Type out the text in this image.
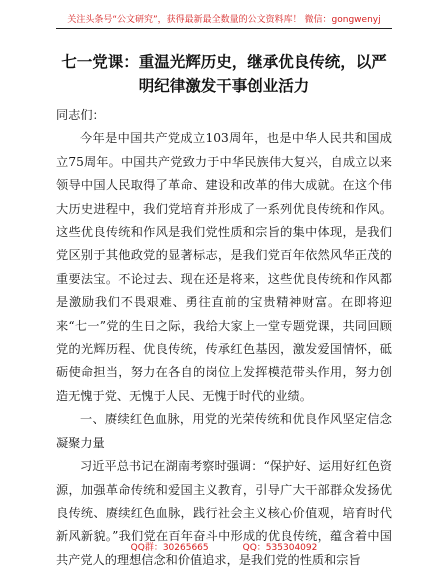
关注头条号“公文研究”，获得最新最全数量的公文资料库！ 微信：gongwenyj
七一党课：重温光辉历史，继承优良传统，以严明纪律激发干事创业活力

同志们：

今年是中国共产党成立103周年，也是中华人民共和国成立75周年。中国共产党致力于中华民族伟大复兴，自成立以来领导中国人民取得了革命、建设和改革的伟大成就。在这个伟大历史进程中，我们党培育并形成了一系列优良传统和作风。这些优良传统和作风是我们党性质和宗旨的集中体现，是我们党区别于其他政党的显著标志，是我们党百年依然风华正茂的重要法宝。不论过去、现在还是将来，这些优良传统和作风都是激励我们不畏艰难、勇往直前的宝贵精神财富。在即将迎来“七一”党的生日之际，我给大家上一堂专题党课，共同回顾党的光辉历程、优良传统，传承红色基因，激发爱国情怀，砥砺使命担当，努力在各自的岗位上发挥模范带头作用，努力创造无愧于党、无愧于人民、无愧于时代的业绩。

一、赓续红色血脉，用党的光荣传统和优良作风坚定信念凝聚力量

习近平总书记在湖南考察时强调：“保护好、运用好红色资源，加强革命传统和爱国主义教育，引导广大干部群众发扬优良传统、赓续红色血脉，践行社会主义核心价值观，培育时代新风新貌。”我们党在百年奋斗中形成的优良传统，蕴含着中国共产党人的理想信念和价值追求，是我们党的性质和宗旨

QQ群：30265665	QQ：535304092
